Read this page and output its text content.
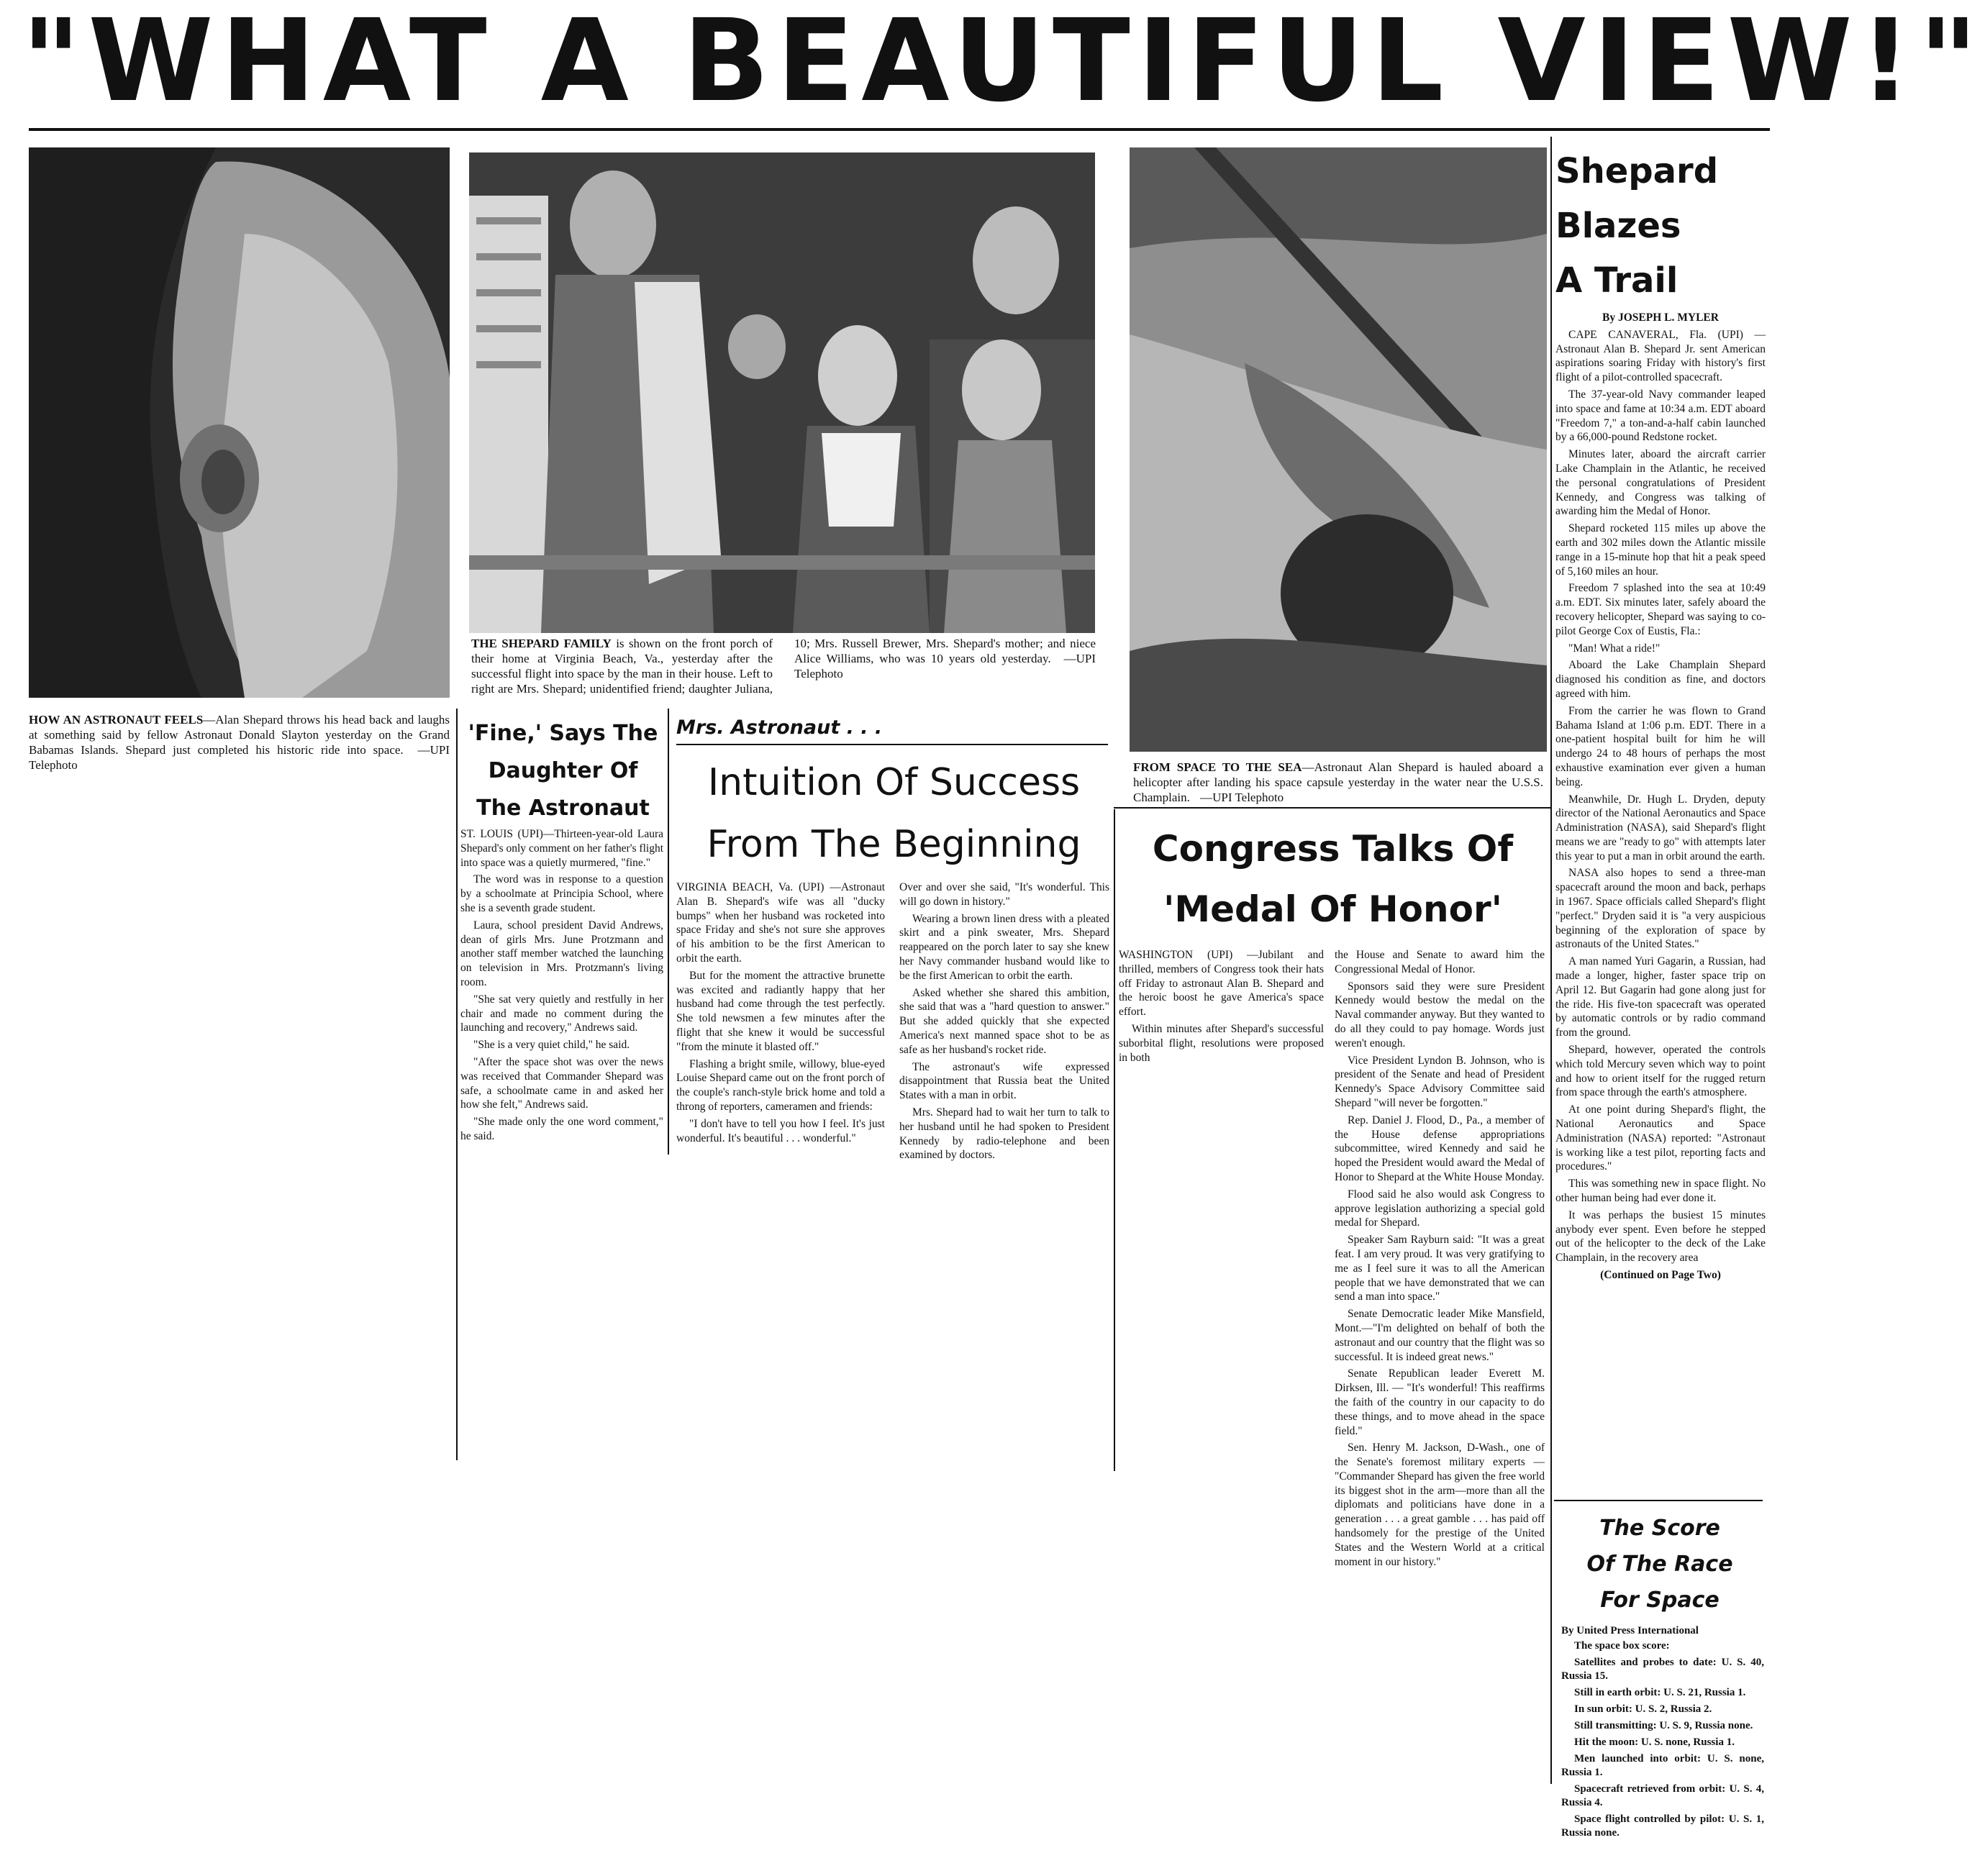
"WHAT A BEAUTIFUL VIEW!"
HOW AN ASTRONAUT FEELS—Alan Shepard throws his head back and laughs at something said by fellow Astronaut Donald Slayton yesterday on the Grand Babamas Islands. Shepard just completed his historic ride into space. —UPI Telephoto
THE SHEPARD FAMILY is shown on the front porch of their home at Virginia Beach, Va., yesterday after the successful flight into space by the man in their house. Left to right are Mrs. Shepard; unidentified friend; daughter Juliana, 10; Mrs. Russell Brewer, Mrs. Shepard's mother; and niece Alice Williams, who was 10 years old yesterday. —UPI Telephoto
FROM SPACE TO THE SEA—Astronaut Alan Shepard is hauled aboard a helicopter after landing his space capsule yesterday in the water near the U.S.S. Champlain. —UPI Telephoto
'Fine,' Says The
Daughter Of
The Astronaut

ST. LOUIS (UPI)—Thirteen-year-old Laura Shepard's only comment on her father's flight into space was a quietly murmered, "fine."

The word was in response to a question by a schoolmate at Principia School, where she is a seventh grade student.

Laura, school president David Andrews, dean of girls Mrs. June Protzmann and another staff member watched the launching on television in Mrs. Protzmann's living room.

"She sat very quietly and restfully in her chair and made no comment during the launching and recovery," Andrews said.

"She is a very quiet child," he said.

"After the space shot was over the news was received that Commander Shepard was safe, a schoolmate came in and asked her how she felt," Andrews said.

"She made only the one word comment," he said.

Mrs. Astronaut . . .
Intuition Of Success
From The Beginning

VIRGINIA BEACH, Va. (UPI) —Astronaut Alan B. Shepard's wife was all "ducky bumps" when her husband was rocketed into space Friday and she's not sure she approves of his ambition to be the first American to orbit the earth.

But for the moment the attractive brunette was excited and radiantly happy that her husband had come through the test perfectly. She told newsmen a few minutes after the flight that she knew it would be successful "from the minute it blasted off."

Flashing a bright smile, willowy, blue-eyed Louise Shepard came out on the front porch of the couple's ranch-style brick home and told a throng of reporters, cameramen and friends:

"I don't have to tell you how I feel. It's just wonderful. It's beautiful . . . wonderful."

Over and over she said, "It's wonderful. This will go down in history."

Wearing a brown linen dress with a pleated skirt and a pink sweater, Mrs. Shepard reappeared on the porch later to say she knew her Navy commander husband would like to be the first American to orbit the earth.

Asked whether she shared this ambition, she said that was a "hard question to answer." But she added quickly that she expected America's next manned space shot to be as safe as her husband's rocket ride.

The astronaut's wife expressed disappointment that Russia beat the United States with a man in orbit.

Mrs. Shepard had to wait her turn to talk to her husband until he had spoken to President Kennedy by radio-telephone and been examined by doctors.

Congress Talks Of
'Medal Of Honor'

WASHINGTON (UPI) —Jubilant and thrilled, members of Congress took their hats off Friday to astronaut Alan B. Shepard and the heroic boost he gave America's space effort.

Within minutes after Shepard's successful suborbital flight, resolutions were proposed in both

the House and Senate to award him the Congressional Medal of Honor.

Sponsors said they were sure President Kennedy would bestow the medal on the Naval commander anyway. But they wanted to do all they could to pay homage. Words just weren't enough.

Vice President Lyndon B. Johnson, who is president of the Senate and head of President Kennedy's Space Advisory Committee said Shepard "will never be forgotten."

Rep. Daniel J. Flood, D., Pa., a member of the House defense appropriations subcommittee, wired Kennedy and said he hoped the President would award the Medal of Honor to Shepard at the White House Monday.

Flood said he also would ask Congress to approve legislation authorizing a special gold medal for Shepard.

Speaker Sam Rayburn said: "It was a great feat. I am very proud. It was very gratifying to me as I feel sure it was to all the American people that we have demonstrated that we can send a man into space."

Senate Democratic leader Mike Mansfield, Mont.—"I'm delighted on behalf of both the astronaut and our country that the flight was so successful. It is indeed great news."

Senate Republican leader Everett M. Dirksen, Ill. — "It's wonderful! This reaffirms the faith of the country in our capacity to do these things, and to move ahead in the space field."

Sen. Henry M. Jackson, D-Wash., one of the Senate's foremost military experts — "Commander Shepard has given the free world its biggest shot in the arm—more than all the diplomats and politicians have done in a generation . . . a great gamble . . . has paid off handsomely for the prestige of the United States and the Western World at a critical moment in our history."

Shepard
Blazes
A Trail
By JOSEPH L. MYLER

CAPE CANAVERAL, Fla. (UPI) — Astronaut Alan B. Shepard Jr. sent American aspirations soaring Friday with history's first flight of a pilot-controlled spacecraft.

The 37-year-old Navy commander leaped into space and fame at 10:34 a.m. EDT aboard "Freedom 7," a ton-and-a-half cabin launched by a 66,000-pound Redstone rocket.

Minutes later, aboard the aircraft carrier Lake Champlain in the Atlantic, he received the personal congratulations of President Kennedy, and Congress was talking of awarding him the Medal of Honor.

Shepard rocketed 115 miles up above the earth and 302 miles down the Atlantic missile range in a 15-minute hop that hit a peak speed of 5,160 miles an hour.

Freedom 7 splashed into the sea at 10:49 a.m. EDT. Six minutes later, safely aboard the recovery helicopter, Shepard was saying to co-pilot George Cox of Eustis, Fla.:

"Man! What a ride!"

Aboard the Lake Champlain Shepard diagnosed his condition as fine, and doctors agreed with him.

From the carrier he was flown to Grand Bahama Island at 1:06 p.m. EDT. There in a one-patient hospital built for him he will undergo 24 to 48 hours of perhaps the most exhaustive examination ever given a human being.

Meanwhile, Dr. Hugh L. Dryden, deputy director of the National Aeronautics and Space Administration (NASA), said Shepard's flight means we are "ready to go" with attempts later this year to put a man in orbit around the earth.

NASA also hopes to send a three-man spacecraft around the moon and back, perhaps in 1967. Space officials called Shepard's flight "perfect." Dryden said it is "a very auspicious beginning of the exploration of space by astronauts of the United States."

A man named Yuri Gagarin, a Russian, had made a longer, higher, faster space trip on April 12. But Gagarin had gone along just for the ride. His five-ton spacecraft was operated by automatic controls or by radio command from the ground.

Shepard, however, operated the controls which told Mercury seven which way to point and how to orient itself for the rugged return from space through the earth's atmosphere.

At one point during Shepard's flight, the National Aeronautics and Space Administration (NASA) reported: "Astronaut is working like a test pilot, reporting facts and procedures."

This was something new in space flight. No other human being had ever done it.

It was perhaps the busiest 15 minutes anybody ever spent. Even before he stepped out of the helicopter to the deck of the Lake Champlain, in the recovery area

(Continued on Page Two)

The Score
Of The Race
For Space
By United Press International

The space box score:

Satellites and probes to date: U. S. 40, Russia 15.

Still in earth orbit: U. S. 21, Russia 1.

In sun orbit: U. S. 2, Russia 2.

Still transmitting: U. S. 9, Russia none.

Hit the moon: U. S. none, Russia 1.

Men launched into orbit: U. S. none, Russia 1.

Spacecraft retrieved from orbit: U. S. 4, Russia 4.

Space flight controlled by pilot: U. S. 1, Russia none.
